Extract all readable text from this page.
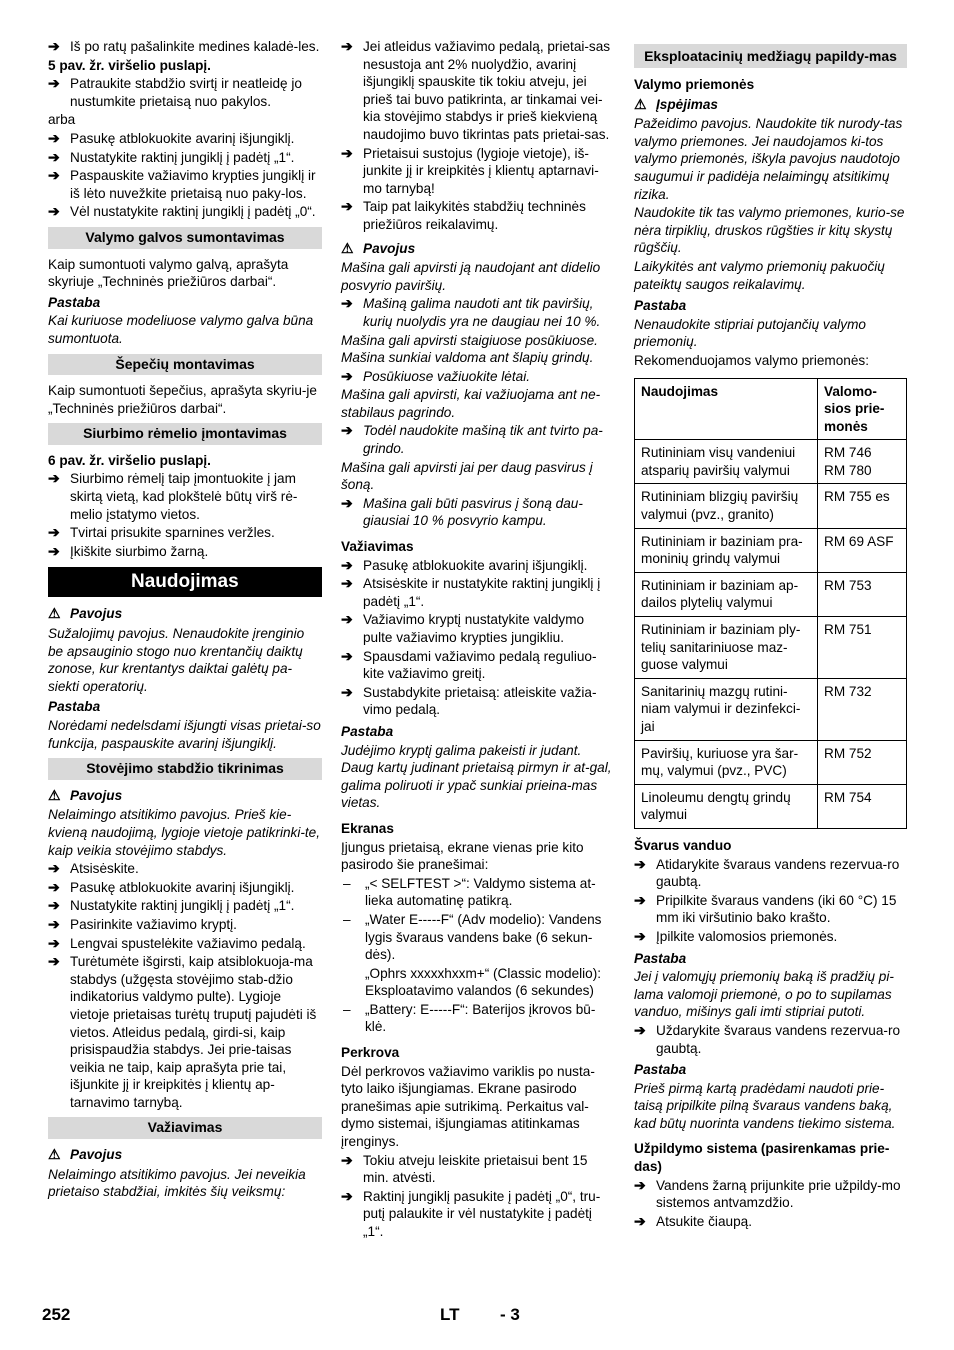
➔ Iš po ratų pašalinkite medines kaladė-les.

5 pav. žr. viršelio puslapį.

➔ Patraukite stabdžio svirtį ir neatleidę jo nustumkite prietaisą nuo pakylos.

arba

➔ Pasukę atblokuokite avarinį išjungiklį.
➔ Nustatykite raktinį jungiklį į padėtį „1“.
➔ Paspauskite važiavimo krypties jungiklį ir iš lėto nuvežkite prietaisą nuo paky-los.
➔ Vėl nustatykite raktinį jungiklį į padėtį „0“.
Valymo galvos sumontavimas

Kaip sumontuoti valymo galvą, aprašyta skyriuje „Techninės priežiūros darbai“.

Pastaba

Kai kuriuose modeliuose valymo galva būna sumontuota.

Šepečių montavimas

Kaip sumontuoti šepečius, aprašyta skyriu-je „Techninės priežiūros darbai“.

Siurbimo rėmelio įmontavimas

6 pav. žr. viršelio puslapį.

➔ Siurbimo rėmelį taip įmontuokite į jam skirtą vietą, kad plokštelė būtų virš rė-melio įstatymo vietos.
➔ Tvirtai prisukite sparnines veržles.
➔ Įkiškite siurbimo žarną.
Naudojimas
⚠ Pavojus

Sužalojimų pavojus. Nenaudokite įrenginio be apsauginio stogo nuo krentančių daiktų zonose, kur krentantys daiktai galėtų pa-siekti operatorių.

Pastaba

Norėdami nedelsdami išjungti visas prietai-so funkcija, paspauskite avarinį išjungiklį.

Stovėjimo stabdžio tikrinimas
⚠ Pavojus

Nelaimingo atsitikimo pavojus. Prieš kie-kvieną naudojimą, lygioje vietoje patikrinki-te, kaip veikia stovėjimo stabdys.

➔ Atsisėskite.
➔ Pasukę atblokuokite avarinį išjungiklį.
➔ Nustatykite raktinį jungiklį į padėtį „1“.
➔ Pasirinkite važiavimo kryptį.
➔ Lengvai spustelėkite važiavimo pedalą.
➔ Turėtumėte išgirsti, kaip atsiblokuoja-ma stabdys (užgęsta stovėjimo stab-džio indikatorius valdymo pulte). Lygioje vietoje prietaisas turėtų truputį pajudėti iš vietos. Atleidus pedalą, girdi-si, kaip prisispaudžia stabdys. Jei prie-taisas veikia ne taip, kaip aprašyta prie tai, išjunkite jį ir kreipkitės į klientų ap-tarnavimo tarnybą.
Važiavimas
⚠ Pavojus

Nelaimingo atsitikimo pavojus. Jei neveikia prietaiso stabdžiai, imkitės šių veiksmų:

➔ Jei atleidus važiavimo pedalą, prietai-sas nesustoja ant 2% nuolydžio, avarinį išjungiklį spauskite tik tokiu atveju, jei prieš tai buvo patikrinta, ar tinkamai vei-kia stovėjimo stabdys ir prieš kiekvieną naudojimo buvo tikrintas pats prietai-sas.
➔ Prietaisui sustojus (lygioje vietoje), iš-junkite jį ir kreipkitės į klientų aptarnavi-mo tarnybą!
➔ Taip pat laikykitės stabdžių techninės priežiūros reikalavimų.
⚠ Pavojus

Mašina gali apvirsti ją naudojant ant didelio posvyrio paviršių.

➔ Mašiną galima naudoti ant tik paviršių, kurių nuolydis yra ne daugiau nei 10 %.

Mašina gali apvirsti staigiuose posūkiuose. Mašina sunkiai valdoma ant šlapių grindų.

➔ Posūkiuose važiuokite lėtai.

Mašina gali apvirsti, kai važiuojama ant ne-stabilaus pagrindo.

➔ Todėl naudokite mašiną tik ant tvirto pa-grindo.

Mašina gali apvirsti jai per daug pasvirus į šoną.

➔ Mašina gali būti pasvirus į šoną dau-giausiai 10 % posvyrio kampu.

Važiavimas

➔ Pasukę atblokuokite avarinį išjungiklį.
➔ Atsisėskite ir nustatykite raktinį jungiklį į padėtį „1“.
➔ Važiavimo kryptį nustatykite valdymo pulte važiavimo krypties jungikliu.
➔ Spausdami važiavimo pedalą reguliuo-kite važiavimo greitį.
➔ Sustabdykite prietaisą: atleiskite važia-vimo pedalą.

Pastaba

Judėjimo kryptį galima pakeisti ir judant. Daug kartų judinant prietaisą pirmyn ir at-gal, galima poliruoti ir ypač sunkiai prieina-mas vietas.

Ekranas

Įjungus prietaisą, ekrane vienas prie kito pasirodo šie pranešimai:

–	„< SELFTEST >“: Valdymo sistema at-lieka automatinę patikrą.
–	„Water E-----F“ (Adv modelio): Vandens lygis švaraus vandens bake (6 sekun-dės).
„Ophrs xxxxxhxxm+“ (Classic modelio): Eksploatavimo valandos (6 sekundes)
–	„Battery: E-----F“: Baterijos įkrovos bū-klė.

Perkrova

Dėl perkrovos važiavimo variklis po nusta-tyto laiko išjungiamas. Ekrane pasirodo pranešimas apie sutrikimą. Perkaitus val-dymo sistemai, išjungiamas atitinkamas įrenginys.

➔ Tokiu atveju leiskite prietaisui bent 15 min. atvėsti.
➔ Raktinį jungiklį pasukite į padėtį „0“, tru-putį palaukite ir vėl nustatykite į padėtį „1“.
Eksploatacinių medžiagų papildy-mas

Valymo priemonės

⚠ Įspėjimas

Pažeidimo pavojus. Naudokite tik nurody-tas valymo priemones. Jei naudojamos ki-tos valymo priemonės, iškyla pavojus naudotojo saugumui ir padidėja nelaimingų atsitikimų rizika.

Naudokite tik tas valymo priemones, kurio-se nėra tirpiklių, druskos rūgšties ir kitų skystų rūgščių.

Laikykitės ant valymo priemonių pakuočių pateiktų saugos reikalavimų.

Pastaba

Nenaudokite stipriai putojančių valymo priemonių.

Rekomenduojamos valymo priemonės:

Naudojimas	Valomo-sios prie-monės
Rutininiam visų vandeniui atsparių paviršių valymui	RM 746
RM 780
Rutininiam blizgių paviršių valymui (pvz., granito)	RM 755 es
Rutininiam ir baziniam pra-moninių grindų valymui	RM 69 ASF
Rutininiam ir baziniam ap-dailos plytelių valymui	RM 753
Rutininiam ir baziniam ply-telių sanitariniuose maz-guose valymui	RM 751
Sanitarinių mazgų rutini-niam valymui ir dezinfekci-jai	RM 732
Paviršių, kuriuose yra šar-mų, valymui (pvz., PVC)	RM 752
Linoleumu dengtų grindų valymui	RM 754

Švarus vanduo

➔ Atidarykite švaraus vandens rezervua-ro gaubtą.
➔ Pripilkite švaraus vandens (iki 60 °C) 15 mm iki viršutinio bako krašto.
➔ Įpilkite valomosios priemonės.

Pastaba

Jei į valomųjų priemonių baką iš pradžių pi-lama valomoji priemonė, o po to supilamas vanduo, mišinys gali imti stipriai putoti.

➔ Uždarykite švaraus vandens rezervua-ro gaubtą.

Pastaba

Prieš pirmą kartą pradėdami naudoti prie-taisą pripilkite pilną švaraus vandens baką, kad būtų nuorinta vandens tiekimo sistema.

Užpildymo sistema (pasirenkamas prie-das)

➔ Vandens žarną prijunkite prie užpildy-mo sistemos antvamzdžio.
➔ Atsukite čiaupą.
252	LT - 3
